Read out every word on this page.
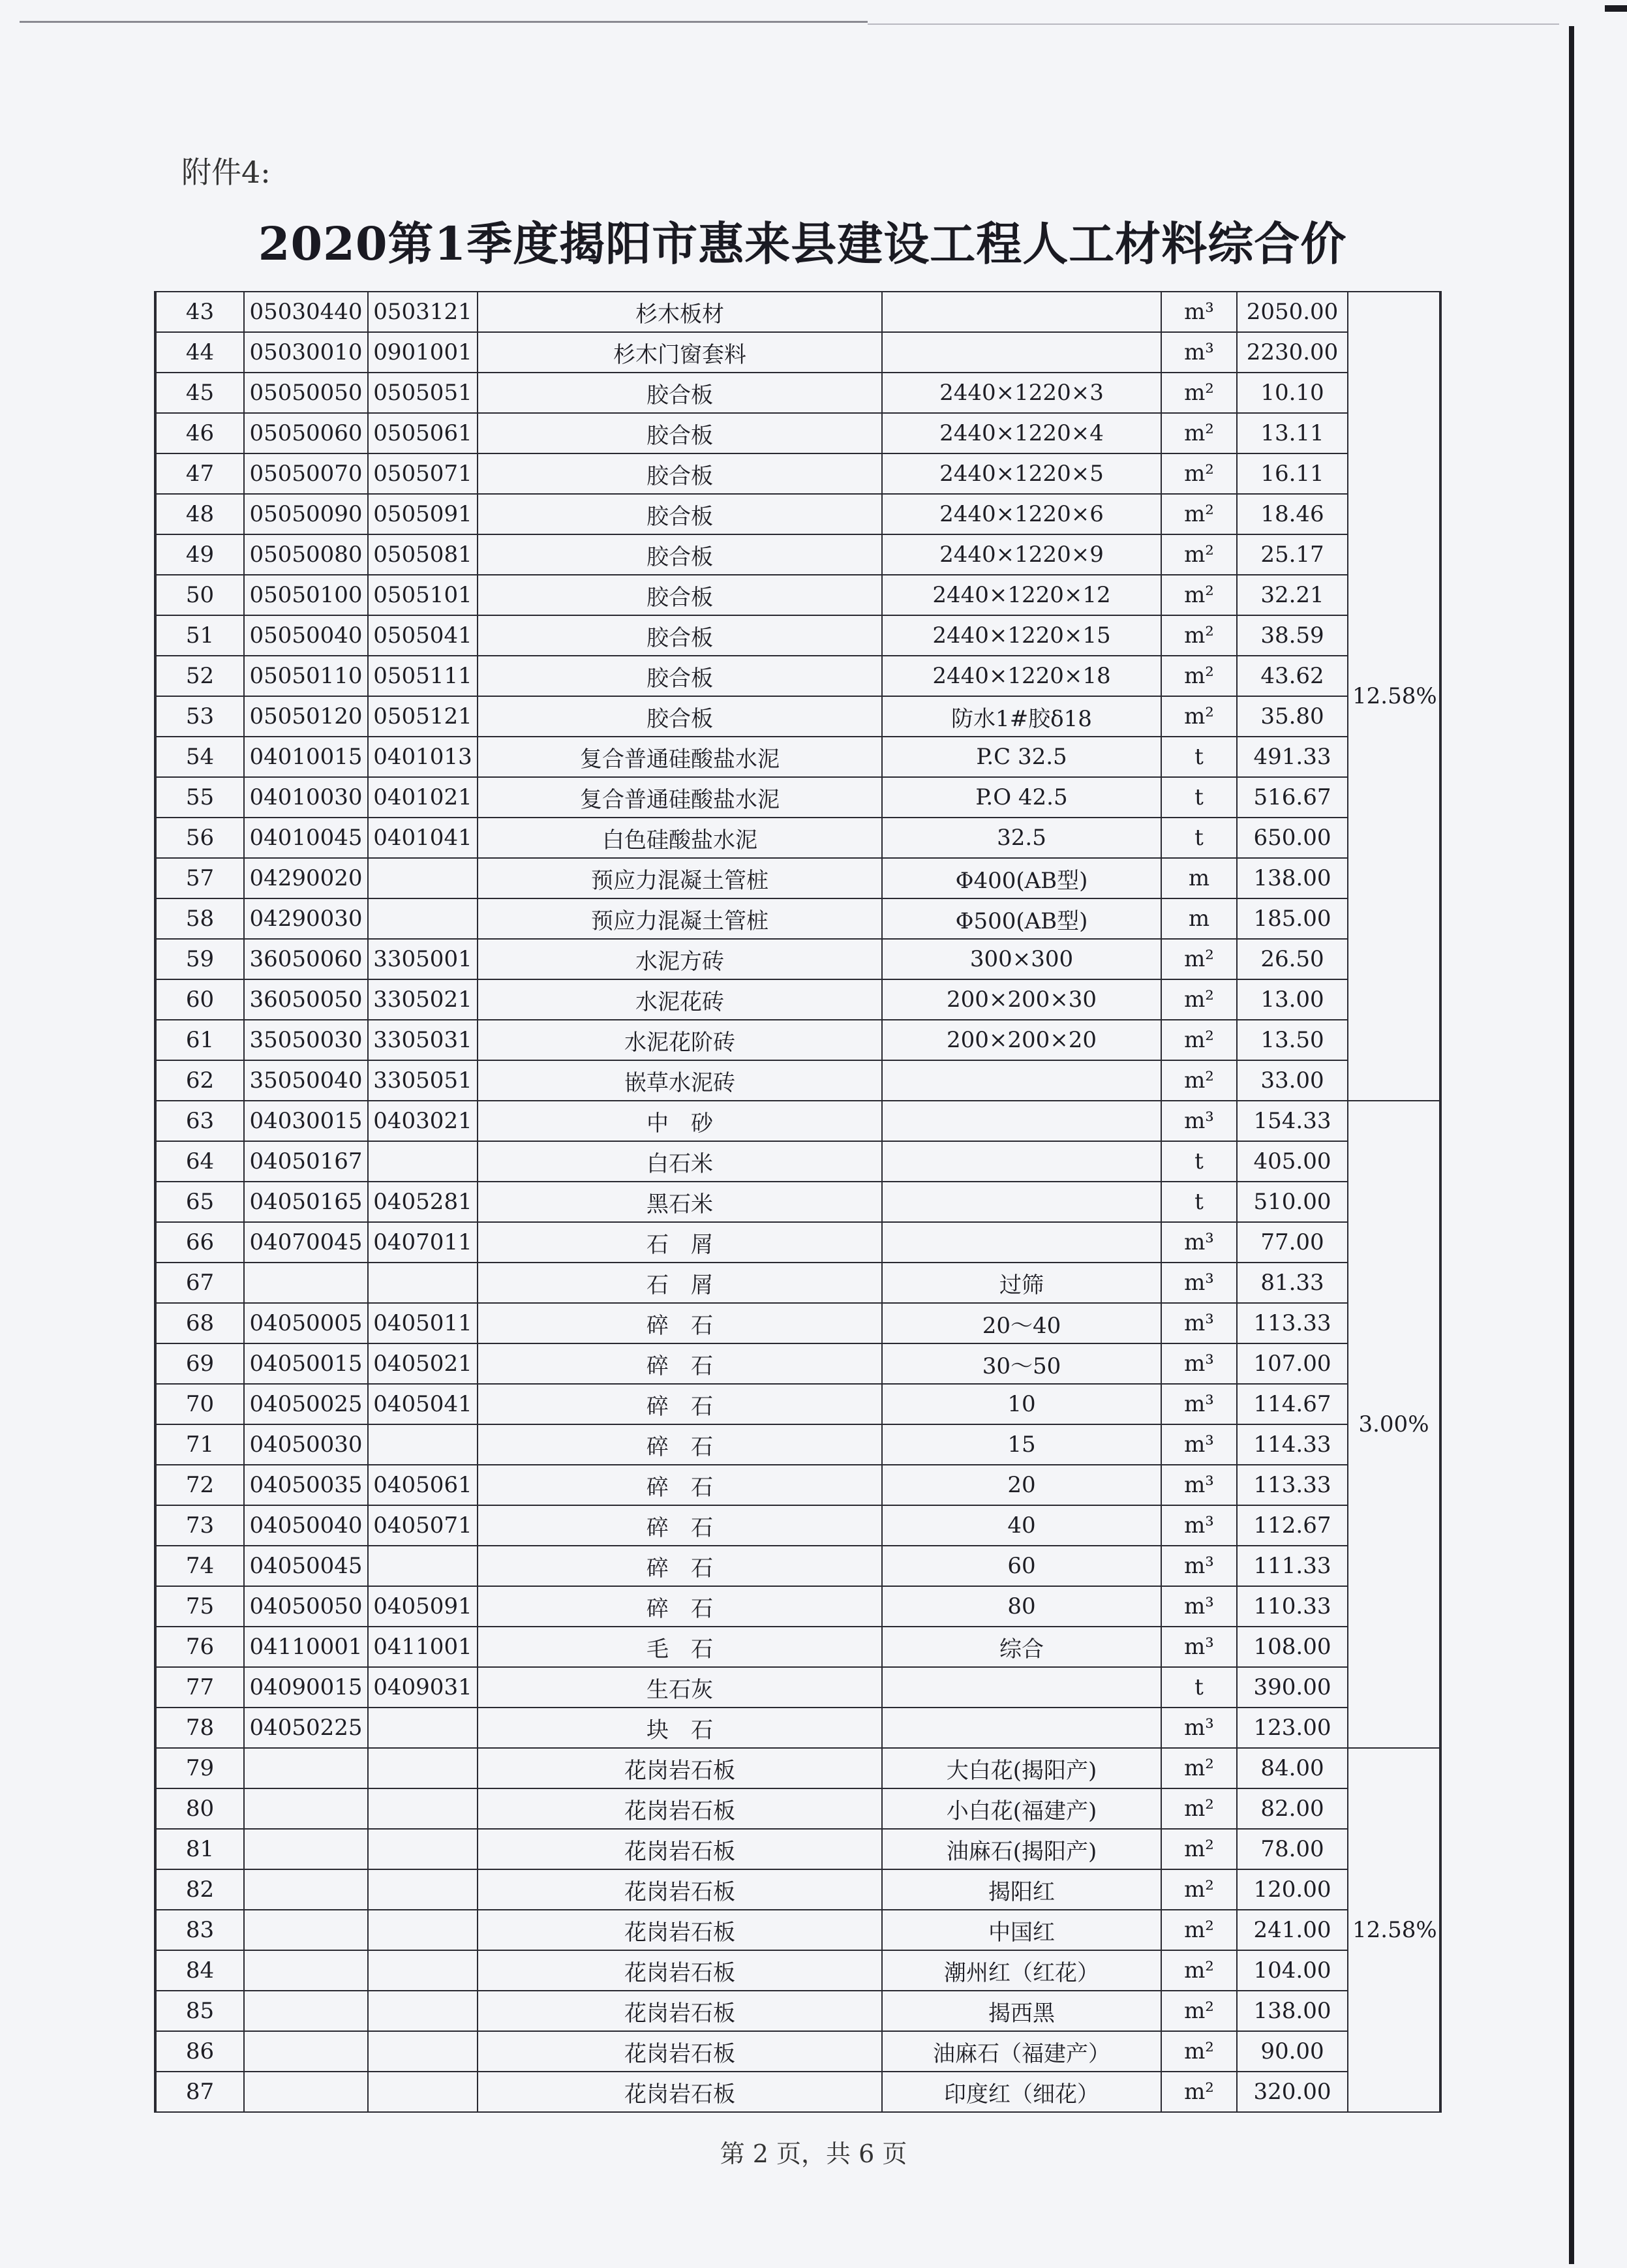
附件4:
2020第1季度揭阳市惠来县建设工程人工材料综合价
43	05030440	0503121	杉木板材		m³	2050.00	12.58%
44	05030010	0901001	杉木门窗套料		m³	2230.00	
45	05050050	0505051	胶合板	2440×1220×3	m²	10.10	
46	05050060	0505061	胶合板	2440×1220×4	m²	13.11	
47	05050070	0505071	胶合板	2440×1220×5	m²	16.11	
48	05050090	0505091	胶合板	2440×1220×6	m²	18.46	
49	05050080	0505081	胶合板	2440×1220×9	m²	25.17	
50	05050100	0505101	胶合板	2440×1220×12	m²	32.21	
51	05050040	0505041	胶合板	2440×1220×15	m²	38.59	
52	05050110	0505111	胶合板	2440×1220×18	m²	43.62	
53	05050120	0505121	胶合板	防水1#胶δ18	m²	35.80	
54	04010015	0401013	复合普通硅酸盐水泥	P.C 32.5	t	491.33	
55	04010030	0401021	复合普通硅酸盐水泥	P.O 42.5	t	516.67	
56	04010045	0401041	白色硅酸盐水泥	32.5	t	650.00	
57	04290020		预应力混凝土管桩	Φ400(AB型)	m	138.00	
58	04290030		预应力混凝土管桩	Φ500(AB型)	m	185.00	
59	36050060	3305001	水泥方砖	300×300	m²	26.50	
60	36050050	3305021	水泥花砖	200×200×30	m²	13.00	
61	35050030	3305031	水泥花阶砖	200×200×20	m²	13.50	
62	35050040	3305051	嵌草水泥砖		m²	33.00	
63	04030015	0403021	中　砂		m³	154.33	3.00%
64	04050167		白石米		t	405.00	
65	04050165	0405281	黑石米		t	510.00	
66	04070045	0407011	石　屑		m³	77.00	
67			石　屑	过筛	m³	81.33	
68	04050005	0405011	碎　石	20～40	m³	113.33	
69	04050015	0405021	碎　石	30～50	m³	107.00	
70	04050025	0405041	碎　石	10	m³	114.67	
71	04050030		碎　石	15	m³	114.33	
72	04050035	0405061	碎　石	20	m³	113.33	
73	04050040	0405071	碎　石	40	m³	112.67	
74	04050045		碎　石	60	m³	111.33	
75	04050050	0405091	碎　石	80	m³	110.33	
76	04110001	0411001	毛　石	综合	m³	108.00	
77	04090015	0409031	生石灰		t	390.00	
78	04050225		块　石		m³	123.00	
79			花岗岩石板	大白花(揭阳产)	m²	84.00	12.58%
80			花岗岩石板	小白花(福建产)	m²	82.00	
81			花岗岩石板	油麻石(揭阳产)	m²	78.00	
82			花岗岩石板	揭阳红	m²	120.00	
83			花岗岩石板	中国红	m²	241.00	
84			花岗岩石板	潮州红（红花）	m²	104.00	
85			花岗岩石板	揭西黑	m²	138.00	
86			花岗岩石板	油麻石（福建产）	m²	90.00	
87			花岗岩石板	印度红（细花）	m²	320.00	
第 2 页，共 6 页
